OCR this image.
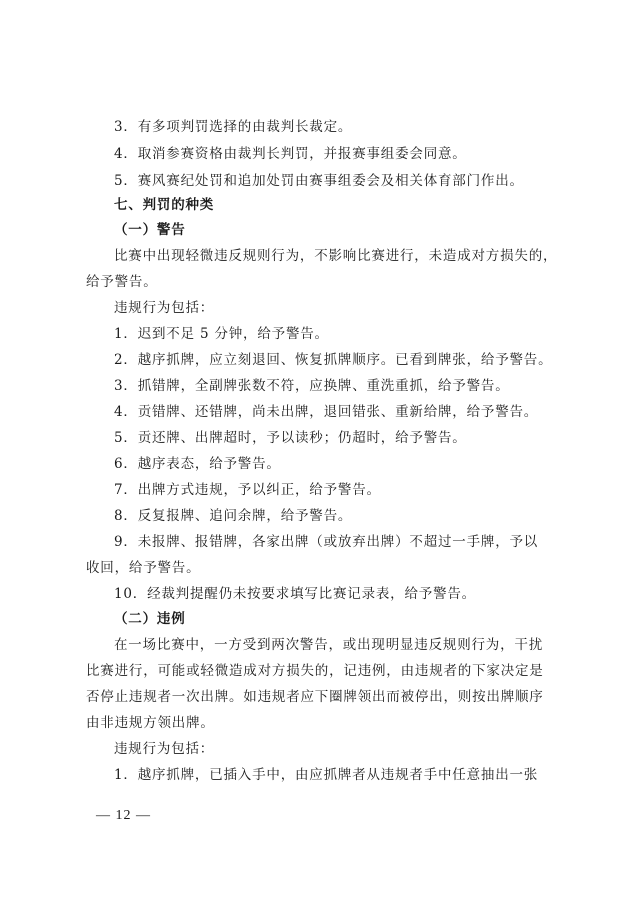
3．有多项判罚选择的由裁判长裁定。
4．取消参赛资格由裁判长判罚，并报赛事组委会同意。
5．赛风赛纪处罚和追加处罚由赛事组委会及相关体育部门作出。
七、判罚的种类
（一）警告
比赛中出现轻微违反规则行为，不影响比赛进行，未造成对方损失的，
给予警告。
违规行为包括：
1．迟到不足 5 分钟，给予警告。
2．越序抓牌，应立刻退回、恢复抓牌顺序。已看到牌张，给予警告。
3．抓错牌，全副牌张数不符，应换牌、重洗重抓，给予警告。
4．贡错牌、还错牌，尚未出牌，退回错张、重新给牌，给予警告。
5．贡还牌、出牌超时，予以读秒；仍超时，给予警告。
6．越序表态，给予警告。
7．出牌方式违规，予以纠正，给予警告。
8．反复报牌、追问余牌，给予警告。
9．未报牌、报错牌，各家出牌（或放弃出牌）不超过一手牌，予以
收回，给予警告。
10．经裁判提醒仍未按要求填写比赛记录表，给予警告。
（二）违例
在一场比赛中，一方受到两次警告，或出现明显违反规则行为，干扰
比赛进行，可能或轻微造成对方损失的，记违例，由违规者的下家决定是
否停止违规者一次出牌。如违规者应下圈牌领出而被停出，则按出牌顺序
由非违规方领出牌。
违规行为包括：
1．越序抓牌，已插入手中，由应抓牌者从违规者手中任意抽出一张
— 12 —
